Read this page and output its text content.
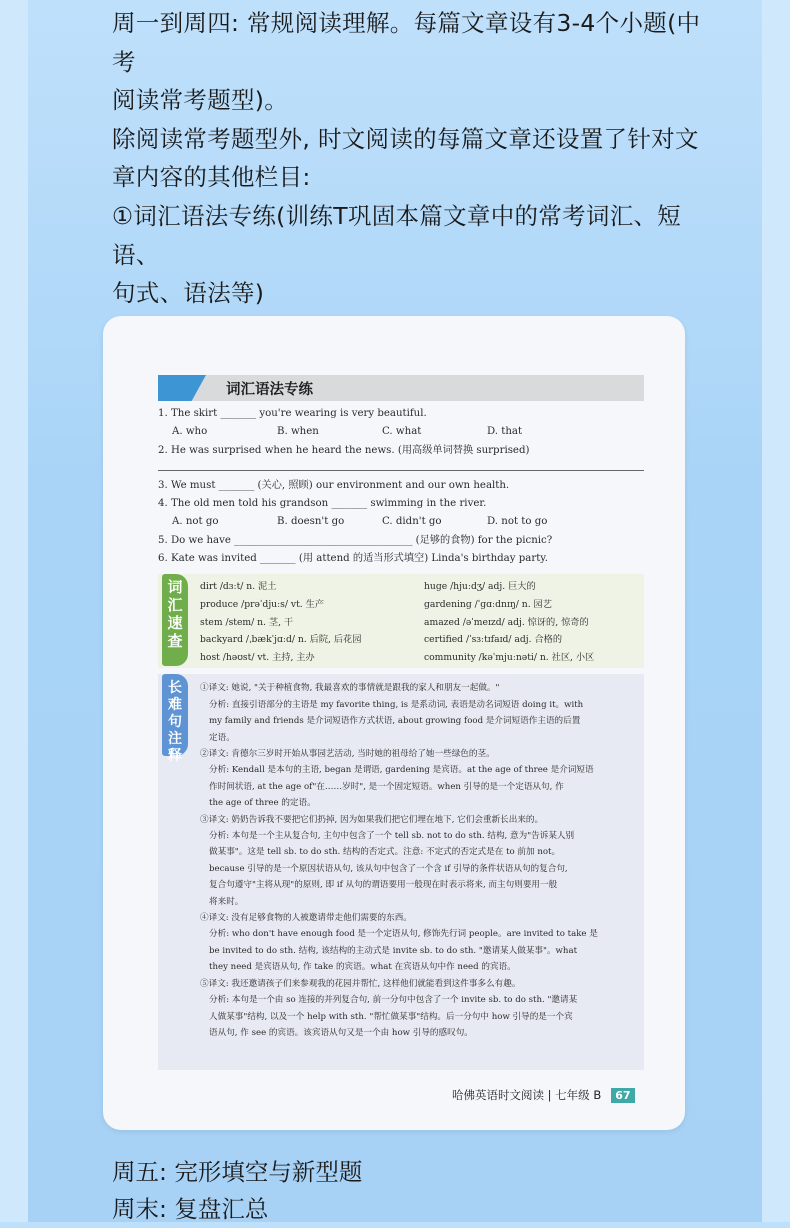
周一到周四: 常规阅读理解。每篇文章设有3-4个小题(中考

阅读常考题型)。

除阅读常考题型外, 时文阅读的每篇文章还设置了针对文

章内容的其他栏目:

①词汇语法专练(训练T巩固本篇文章中的常考词汇、短语、

句式、语法等)

词汇语法专练
1. The skirt _______ you're wearing is very beautiful.
A. who	B. when	C. what	D. that
2. He was surprised when he heard the news. (用高级单词替换 surprised)
3. We must _______ (关心, 照顾) our environment and our own health.
4. The old men told his grandson _______ swimming in the river.
A. not go	B. doesn't go	C. didn't go	D. not to go
5. Do we have ___________________________________ (足够的食物) for the picnic?
6. Kate was invited _______ (用 attend 的适当形式填空) Linda's birthday party.
词汇速查
dirt /dɜːt/ n. 泥土	huge /hjuːdʒ/ adj. 巨大的
produce /prəˈdjuːs/ vt. 生产	gardening /ˈɡɑːdnɪŋ/ n. 园艺
stem /stem/ n. 茎, 干	amazed /əˈmeɪzd/ adj. 惊讶的, 惊奇的
backyard /ˌbækˈjɑːd/ n. 后院, 后花园	certified /ˈsɜːtɪfaɪd/ adj. 合格的
host /həʊst/ vt. 主持, 主办	community /kəˈmjuːnəti/ n. 社区, 小区
长难句注释

①译文: 她说, "关于种植食物, 我最喜欢的事情就是跟我的家人和朋友一起做。"

分析: 直接引语部分的主语是 my favorite thing, is 是系动词, 表语是动名词短语 doing it。with

my family and friends 是介词短语作方式状语, about growing food 是介词短语作主语的后置

定语。

②译文: 肯德尔三岁时开始从事园艺活动, 当时她的祖母给了她一些绿色的茎。

分析: Kendall 是本句的主语, began 是谓语, gardening 是宾语。at the age of three 是介词短语

作时间状语, at the age of"在……岁时", 是一个固定短语。when 引导的是一个定语从句, 作

the age of three 的定语。

③译文: 奶奶告诉我不要把它们扔掉, 因为如果我们把它们埋在地下, 它们会重新长出来的。

分析: 本句是一个主从复合句, 主句中包含了一个 tell sb. not to do sth. 结构, 意为"告诉某人别

做某事"。这是 tell sb. to do sth. 结构的否定式。注意: 不定式的否定式是在 to 前加 not。

because 引导的是一个原因状语从句, 该从句中包含了一个含 if 引导的条件状语从句的复合句,

复合句遵守"主将从现"的原则, 即 if 从句的谓语要用一般现在时表示将来, 而主句则要用一般

将来时。

④译文: 没有足够食物的人被邀请带走他们需要的东西。

分析: who don't have enough food 是一个定语从句, 修饰先行词 people。are invited to take 是

be invited to do sth. 结构, 该结构的主动式是 invite sb. to do sth. "邀请某人做某事"。what

they need 是宾语从句, 作 take 的宾语。what 在宾语从句中作 need 的宾语。

⑤译文: 我还邀请孩子们来参观我的花园并帮忙, 这样他们就能看到这件事多么有趣。

分析: 本句是一个由 so 连接的并列复合句, 前一分句中包含了一个 invite sb. to do sth. "邀请某

人做某事"结构, 以及一个 help with sth. "帮忙做某事"结构。后一分句中 how 引导的是一个宾

语从句, 作 see 的宾语。该宾语从句又是一个由 how 引导的感叹句。

哈佛英语时文阅读 | 七年级 B	67

周五: 完形填空与新型题

周末: 复盘汇总
